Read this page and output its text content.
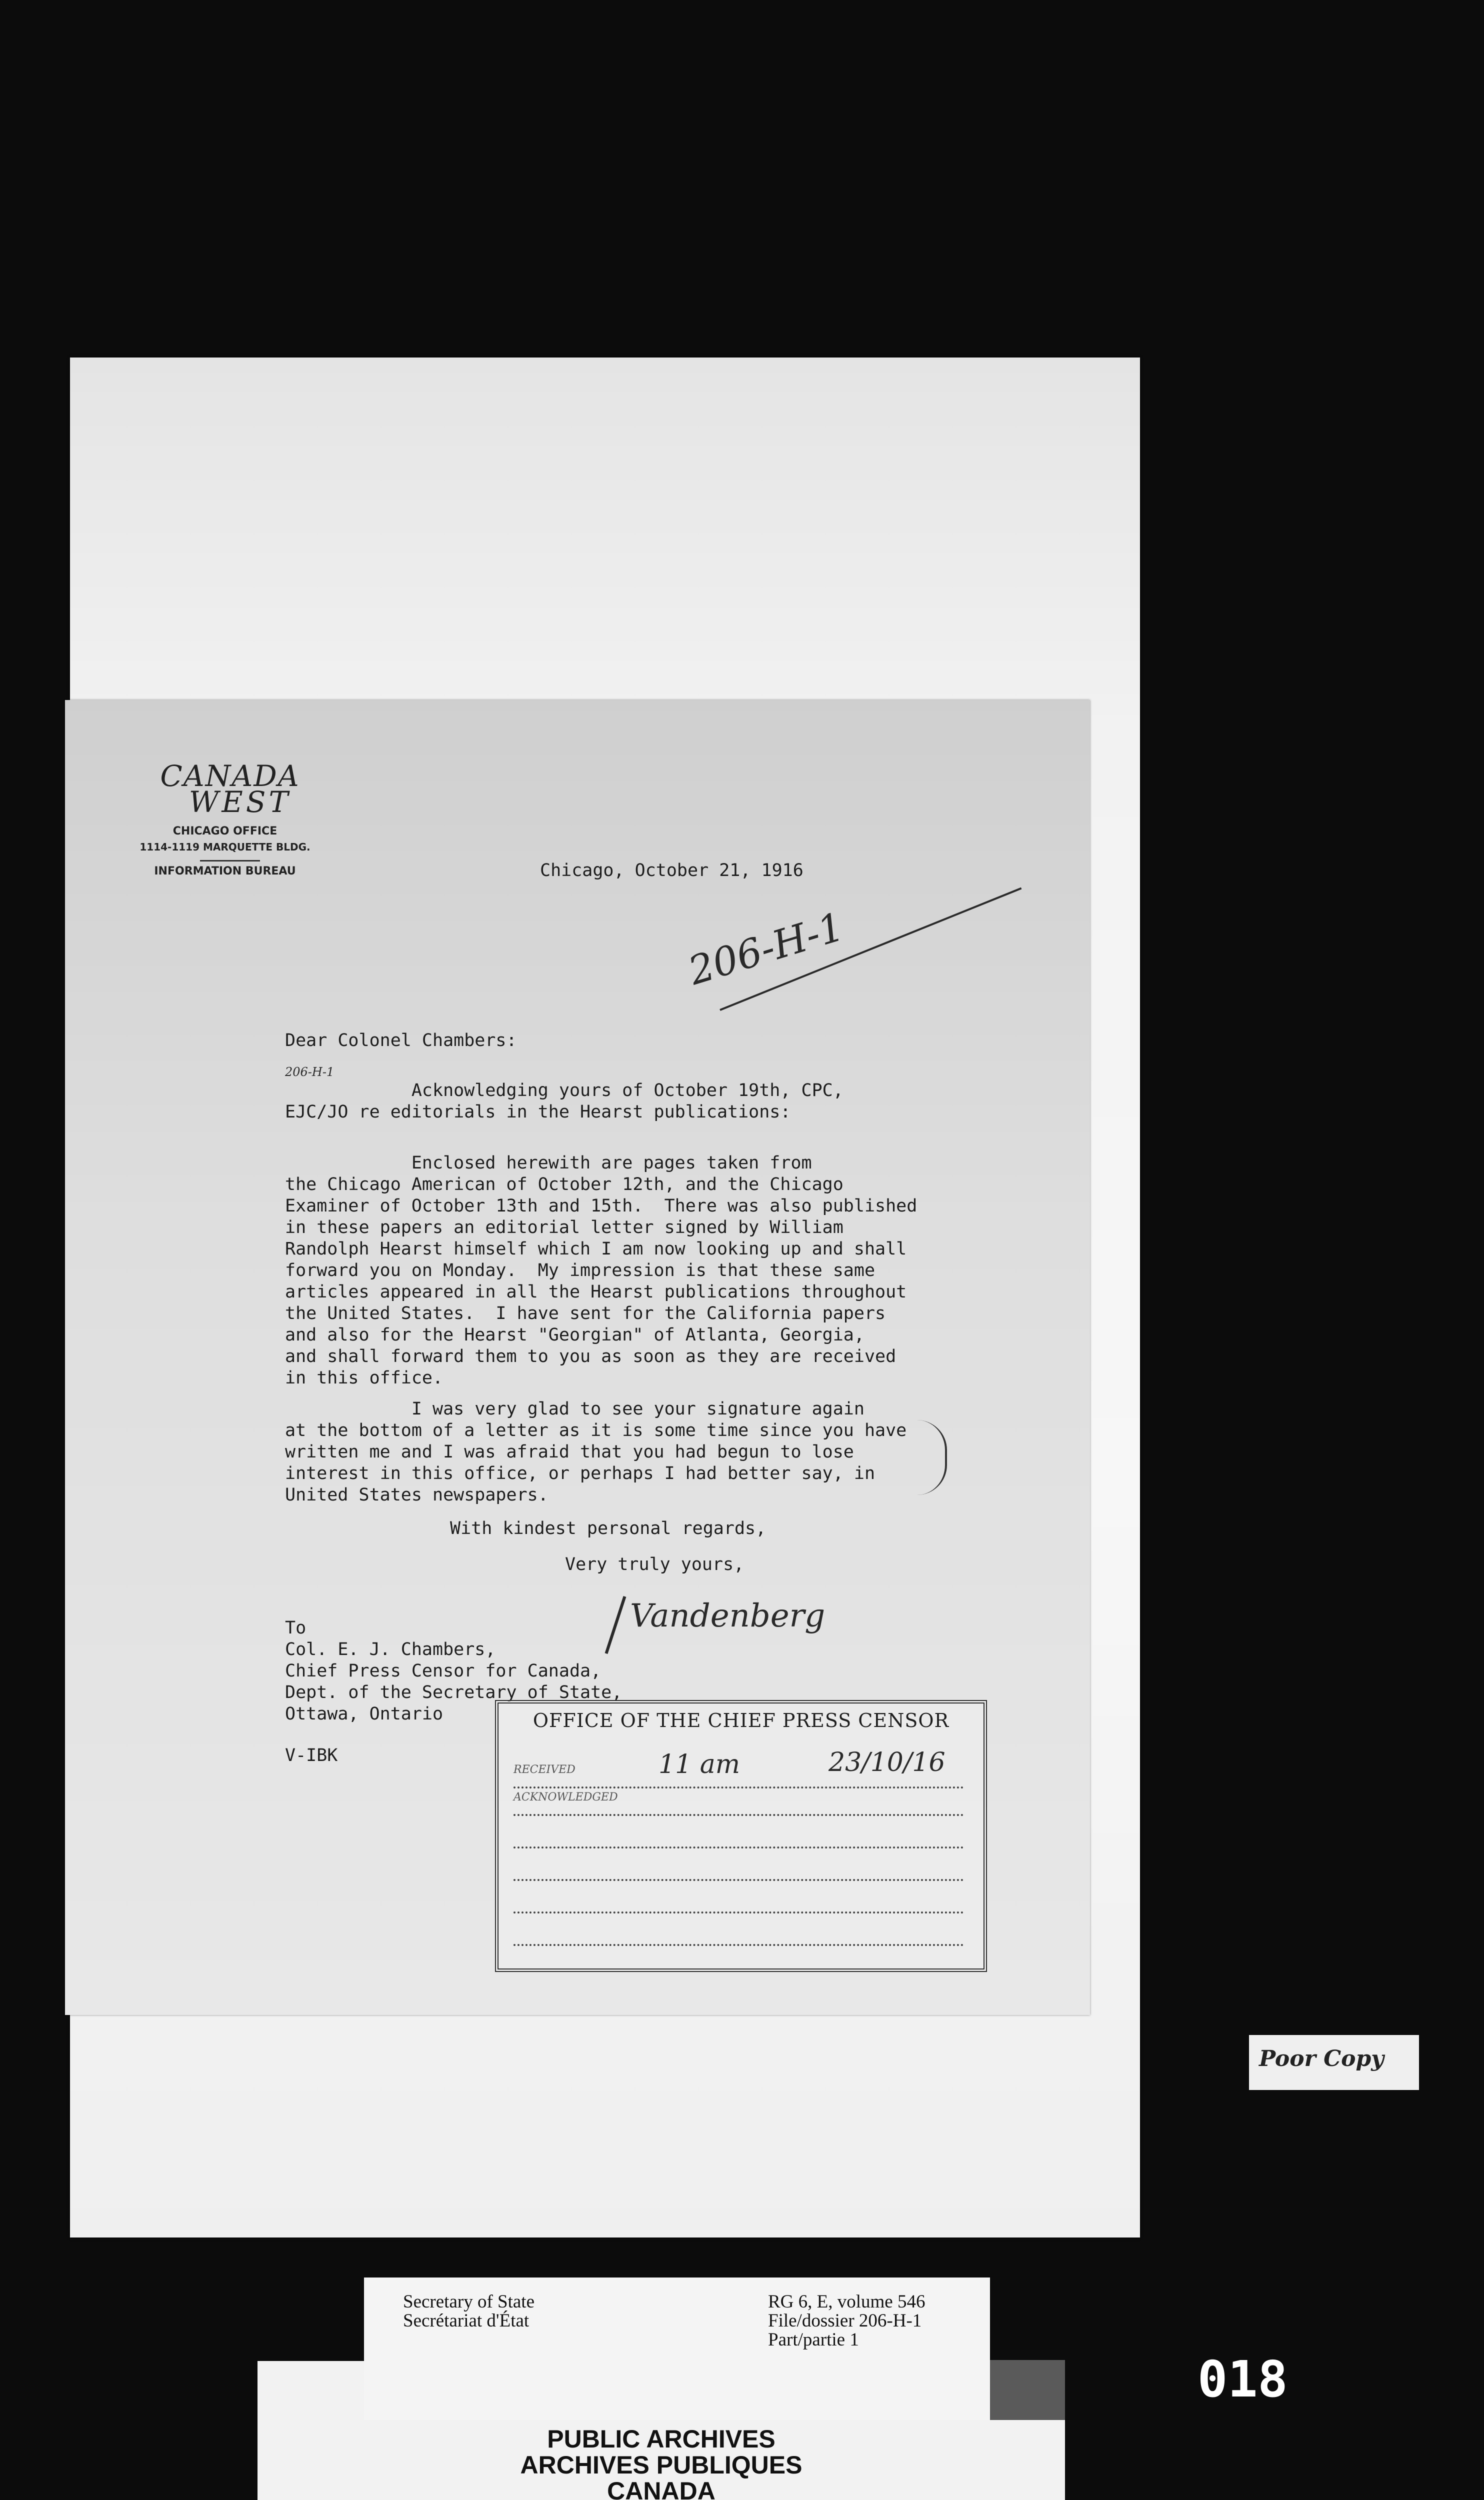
CANADA
WEST
CHICAGO OFFICE
1114-1119 MARQUETTE BLDG.
INFORMATION BUREAU	Chicago, October 21, 1916
206-H-1
Dear Colonel Chambers:
206-H-1
Acknowledging yours of October 19th, CPC,
EJC/JO re editorials in the Hearst publications:
Enclosed herewith are pages taken from
the Chicago American of October 12th, and the Chicago
Examiner of October 13th and 15th.  There was also published
in these papers an editorial letter signed by William
Randolph Hearst himself which I am now looking up and shall
forward you on Monday.  My impression is that these same
articles appeared in all the Hearst publications throughout
the United States.  I have sent for the California papers
and also for the Hearst "Georgian" of Atlanta, Georgia,
and shall forward them to you as soon as they are received
in this office.
I was very glad to see your signature again
at the bottom of a letter as it is some time since you have
written me and I was afraid that you had begun to lose
interest in this office, or perhaps I had better say, in
United States newspapers.
With kindest personal regards,
Very truly yours,
To
Col. E. J. Chambers,
Chief Press Censor for Canada,
Dept. of the Secretary of State,
Ottawa, Ontario
Vandenberg
V-IBK
OFFICE OF THE CHIEF PRESS CENSOR
RECEIVED	11 am	23/10/16
ACKNOWLEDGED
Poor Copy
PUBLIC ARCHIVES
ARCHIVES PUBLIQUES
CANADA
Secretary of State
Secrétariat d'État
RG 6, E, volume 546
File/dossier 206-H-1
Part/partie 1
018
